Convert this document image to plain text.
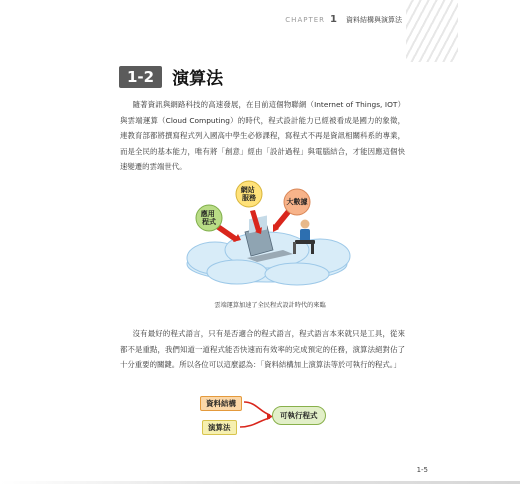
CHAPTER 1 資料結構與演算法
1-2	演算法

隨著資訊與網路科技的高速發展，在目前這個物聯網（Internet of Things, IOT）與雲端運算（Cloud Computing）的時代，程式設計能力已經被看成是國力的象徵，連教育部都將撰寫程式列入國高中學生必修課程，寫程式不再是資訊相關科系的專業，而是全民的基本能力，唯有將「創意」經由「設計過程」與電腦結合，才能因應這個快速變遷的雲端世代。

應用 程式
網站 服務	大數據
雲端運算加速了全民程式設計時代的來臨

沒有最好的程式語言，只有是否適合的程式語言，程式語言本來就只是工具，從來都不是重點，我們知道一道程式能否快速而有效率的完成預定的任務，演算法絕對佔了十分重要的關鍵。所以各位可以這麼認為：「資料結構加上演算法等於可執行的程式。」

資料結構
演算法
可執行程式
1-5
